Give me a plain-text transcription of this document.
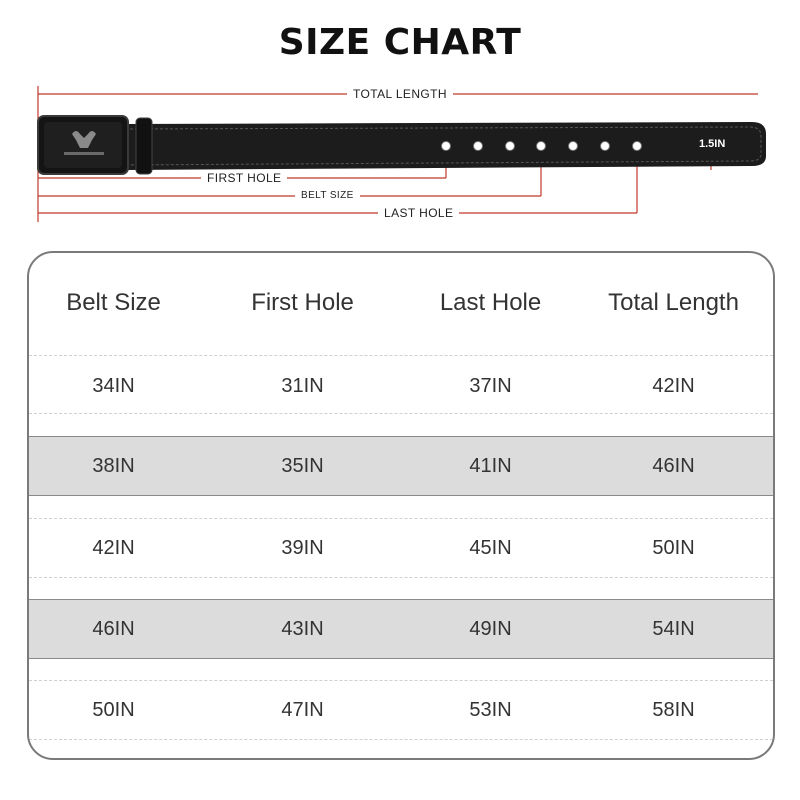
SIZE CHART
TOTAL LENGTH
FIRST HOLE
BELT SIZE
LAST HOLE
1.5IN
Belt Size	First Hole	Last Hole	Total Length
34IN	31IN	37IN	42IN
38IN	35IN	41IN	46IN
42IN	39IN	45IN	50IN
46IN	43IN	49IN	54IN
50IN	47IN	53IN	58IN
